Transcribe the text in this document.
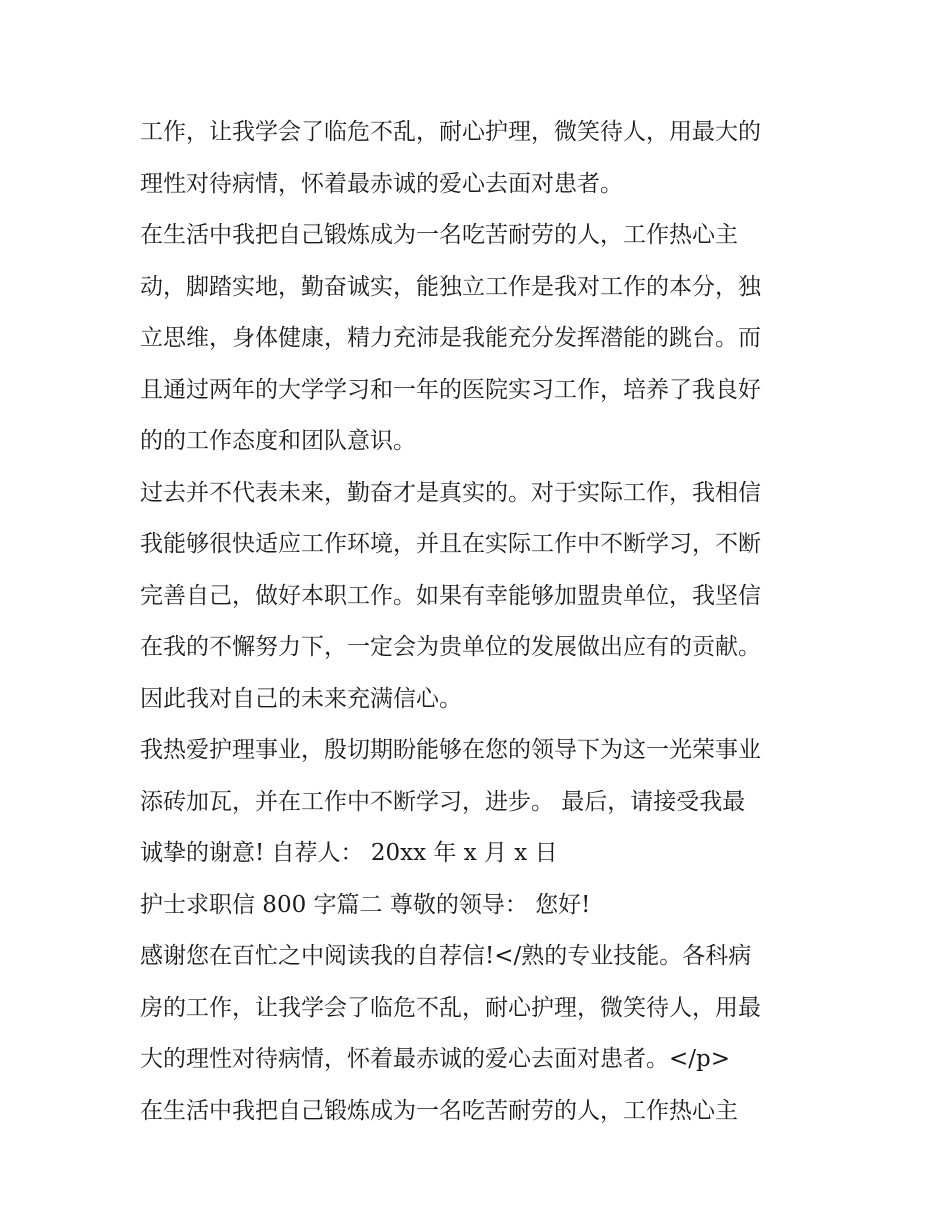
工作，让我学会了临危不乱，耐心护理，微笑待人，用最大的
理性对待病情，怀着最赤诚的爱心去面对患者。
在生活中我把自己锻炼成为一名吃苦耐劳的人，工作热心主
动，脚踏实地，勤奋诚实，能独立工作是我对工作的本分，独
立思维，身体健康，精力充沛是我能充分发挥潜能的跳台。而
且通过两年的大学学习和一年的医院实习工作，培养了我良好
的的工作态度和团队意识。
过去并不代表未来，勤奋才是真实的。对于实际工作，我相信
我能够很快适应工作环境，并且在实际工作中不断学习，不断
完善自己，做好本职工作。如果有幸能够加盟贵单位，我坚信
在我的不懈努力下，一定会为贵单位的发展做出应有的贡献。
因此我对自己的未来充满信心。
我热爱护理事业，殷切期盼能够在您的领导下为这一光荣事业
添砖加瓦，并在工作中不断学习，进步。 最后，请接受我最
诚挚的谢意! 自荐人： 20xx 年 x 月 x 日
护士求职信 800 字篇二 尊敬的领导： 您好!
感谢您在百忙之中阅读我的自荐信!</熟的专业技能。各科病
房的工作，让我学会了临危不乱，耐心护理，微笑待人，用最
大的理性对待病情，怀着最赤诚的爱心去面对患者。</p>
在生活中我把自己锻炼成为一名吃苦耐劳的人，工作热心主
